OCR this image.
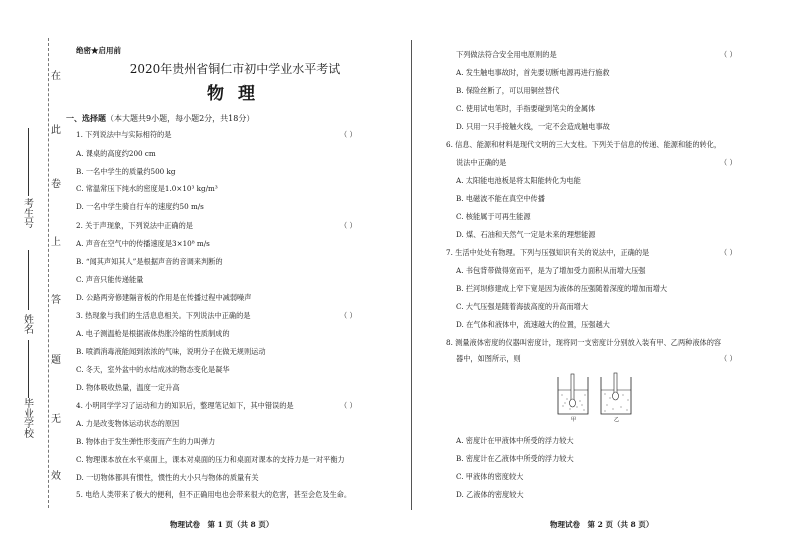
在
此
卷
上
答
题
无
效
考生号
姓名
毕业学校
绝密★启用前
2020年贵州省铜仁市初中学业水平考试
物理
一、选择题（本大题共9小题，每小题2分，共18分）
1. 下列说法中与实际相符的是	（ ）
A. 课桌的高度约200 cm
B. 一名中学生的质量约500 kg
C. 常温常压下纯水的密度是1.0×10³ kg/m³
D. 一名中学生骑自行车的速度约50 m/s
2. 关于声现象，下列说法中正确的是	（ ）
A. 声音在空气中的传播速度是3×10⁸ m/s
B. “闻其声知其人”是根据声音的音调来判断的
C. 声音只能传递能量
D. 公路两旁修建隔音板的作用是在传播过程中减弱噪声
3. 热现象与我们的生活息息相关。下列说法中正确的是	（ ）
A. 电子测温枪是根据液体热胀冷缩的性质制成的
B. 喷洒消毒液能闻到浓浓的气味，说明分子在做无规则运动
C. 冬天，室外盆中的水结成冰的物态变化是凝华
D. 物体吸收热量，温度一定升高
4. 小明同学学习了运动和力的知识后，整理笔记如下，其中错误的是	（ ）
A. 力是改变物体运动状态的原因
B. 物体由于发生弹性形变而产生的力叫弹力
C. 物理课本放在水平桌面上，课本对桌面的压力和桌面对课本的支持力是一对平衡力
D. 一切物体都具有惯性，惯性的大小只与物体的质量有关
5. 电给人类带来了极大的便利，但不正确用电也会带来很大的危害，甚至会危及生命。
物理试卷　第 1 页（共 8 页）
下列做法符合安全用电原则的是	（ ）
A. 发生触电事故时，首先要切断电源再进行施救
B. 保险丝断了，可以用铜丝替代
C. 使用试电笔时，手指要碰到笔尖的金属体
D. 只用一只手接触火线，一定不会造成触电事故
6. 信息、能源和材料是现代文明的三大支柱。下列关于信息的传递、能源和能的转化，
说法中正确的是	（ ）
A. 太阳能电池板是将太阳能转化为电能
B. 电磁波不能在真空中传播
C. 核能属于可再生能源
D. 煤、石油和天然气一定是未来的理想能源
7. 生活中处处有物理。下列与压强知识有关的说法中，正确的是	（ ）
A. 书包背带做得宽而平，是为了增加受力面积从而增大压强
B. 拦河坝修建成上窄下宽是因为液体的压强随着深度的增加而增大
C. 大气压强是随着海拔高度的升高而增大
D. 在气体和液体中，流速越大的位置，压强越大
8. 测量液体密度的仪器叫密度计，现将同一支密度计分别放入装有甲、乙两种液体的容
器中，如图所示，则	（ ）
甲	乙
A. 密度计在甲液体中所受的浮力较大
B. 密度计在乙液体中所受的浮力较大
C. 甲液体的密度较大
D. 乙液体的密度较大
物理试卷　第 2 页（共 8 页）
